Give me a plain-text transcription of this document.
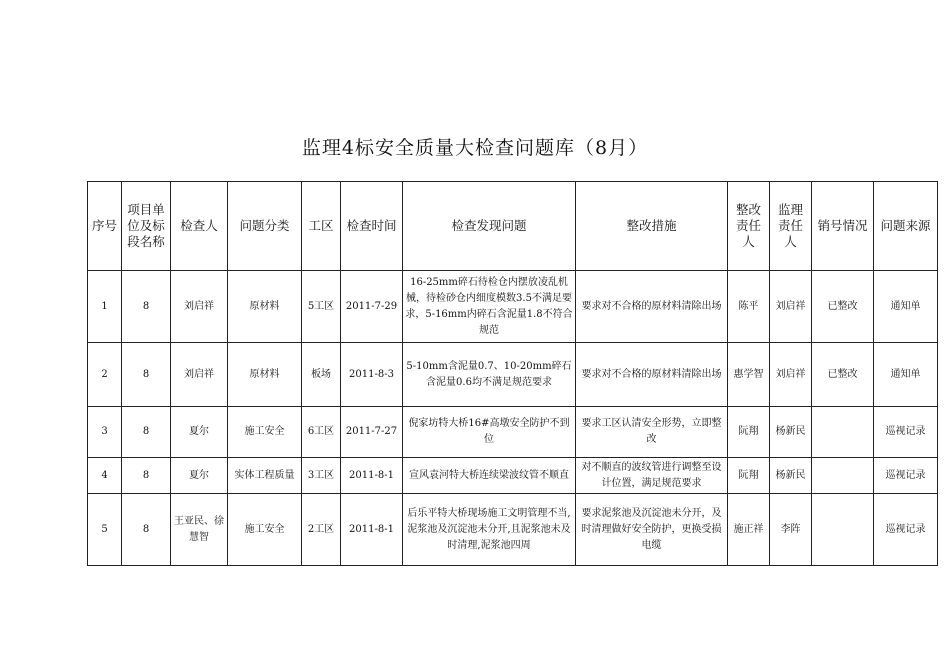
监理4标安全质量大检查问题库（8月）
序号	项目单位及标段名称	检查人	问题分类	工区	检查时间	检查发现问题	整改措施	整改责任人	监理责任人	销号情况	问题来源
1	8	刘启祥	原材料	5工区	2011-7-29	16-25mm碎石待检仓内摆放凌乱机械，待检砂仓内细度模数3.5不满足要求，5-16mm内碎石含泥量1.8不符合规范	要求对不合格的原材料清除出场	陈平	刘启祥	已整改	通知单
2	8	刘启祥	原材料	板场	2011-8-3	5-10mm含泥量0.7、10-20mm碎石含泥量0.6均不满足规范要求	要求对不合格的原材料清除出场	惠学智	刘启祥	已整改	通知单
3	8	夏尔	施工安全	6工区	2011-7-27	倪家坊特大桥16#高墩安全防护不到位	要求工区认清安全形势，立即整改	阮翔	杨新民		巡视记录
4	8	夏尔	实体工程质量	3工区	2011-8-1	宣风袁河特大桥连续梁波纹管不顺直	对不顺直的波纹管进行调整至设计位置，满足规范要求	阮翔	杨新民		巡视记录
5	8	王亚民、徐慧智	施工安全	2工区	2011-8-1	后乐平特大桥现场施工文明管理不当,泥浆池及沉淀池未分开,且泥浆池未及时清理,泥浆池四周	要求泥浆池及沉淀池未分开，及时清理做好安全防护，更换受损电缆	施正祥	李阵		巡视记录
